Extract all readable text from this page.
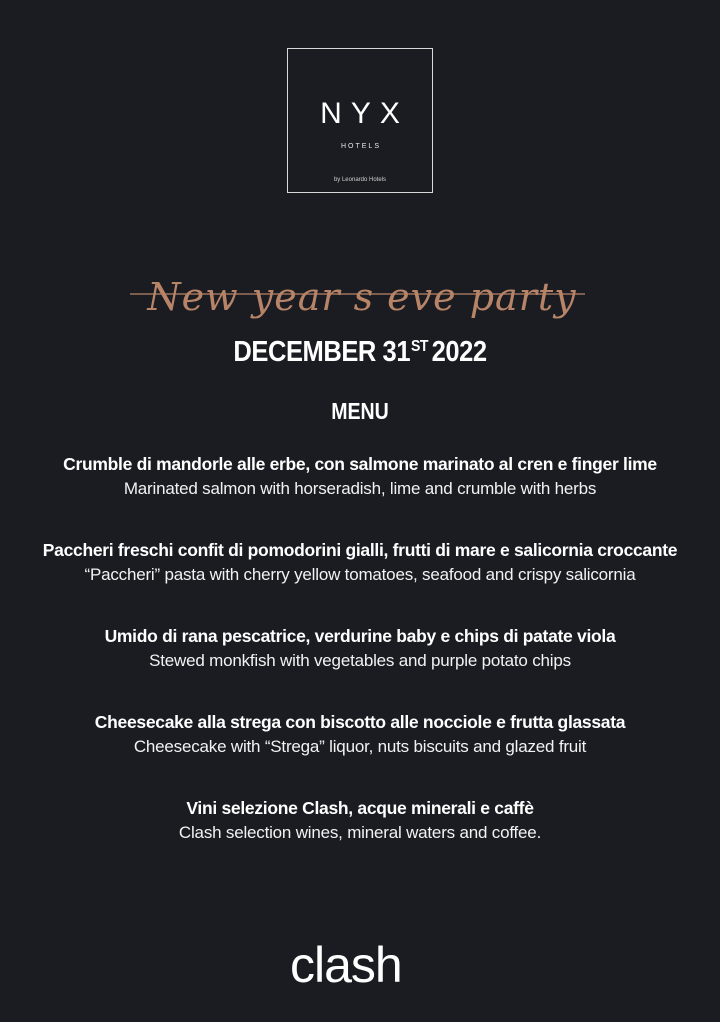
NYX
HOTELS
by Leonardo Hotels
New year s eve party
DECEMBER 31ST 2022
MENU
Crumble di mandorle alle erbe, con salmone marinato al cren e finger lime
Marinated salmon with horseradish, lime and crumble with herbs
Paccheri freschi confit di pomodorini gialli, frutti di mare e salicornia croccante
“Paccheri” pasta with cherry yellow tomatoes, seafood and crispy salicornia
Umido di rana pescatrice, verdurine baby e chips di patate viola
Stewed monkfish with vegetables and purple potato chips
Cheesecake alla strega con biscotto alle nocciole e frutta glassata
Cheesecake with “Strega” liquor, nuts biscuits and glazed fruit
Vini selezione Clash, acque minerali e caffè
Clash selection wines, mineral waters and coffee.
clash
